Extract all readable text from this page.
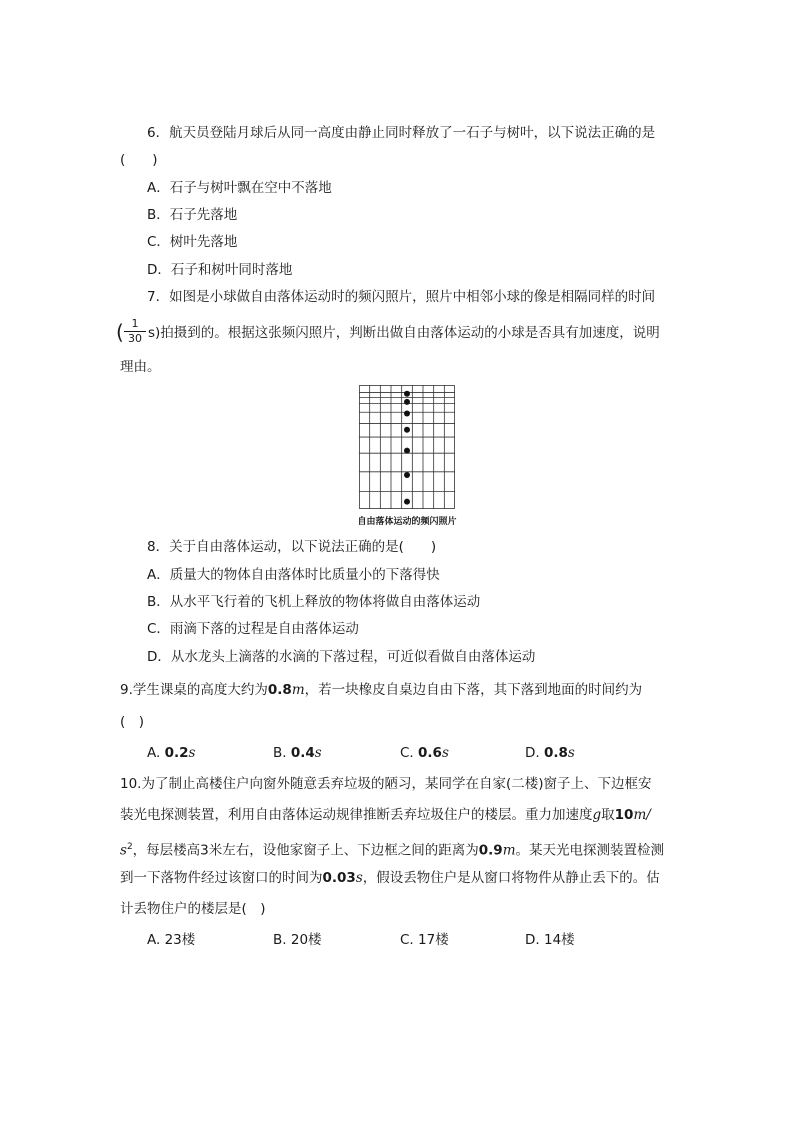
6．航天员登陆月球后从同一高度由静止同时释放了一石子与树叶，以下说法正确的是
(　　)
A．石子与树叶飘在空中不落地
B．石子先落地
C．树叶先落地
D．石子和树叶同时落地
7．如图是小球做自由落体运动时的频闪照片，照片中相邻小球的像是相隔同样的时间
( $\frac{1}{30} s$)拍摄到的。根据这张频闪照片，判断出做自由落体运动的小球是否具有加速度，说明
理由。
自由落体运动的频闪照片
8．关于自由落体运动，以下说法正确的是(　　)
A．质量大的物体自由落体时比质量小的下落得快
B．从水平飞行着的飞机上释放的物体将做自由落体运动
C．雨滴下落的过程是自由落体运动
D．从水龙头上滴落的水滴的下落过程，可近似看做自由落体运动
9.学生课桌的高度大约为0.8m，若一块橡皮自桌边自由下落，其下落到地面的时间约为
(　)
A. 0.2s	B. 0.4s	C. 0.6s	D. 0.8s
10.为了制止高楼住户向窗外随意丢弃垃圾的陋习，某同学在自家(二楼)窗子上、下边框安
装光电探测装置，利用自由落体运动规律推断丢弃垃圾住户的楼层。重力加速度g取10m/
$s^2$，每层楼高3米左右，设他家窗子上、下边框之间的距离为0.9m。某天光电探测装置检测
到一下落物件经过该窗口的时间为0.03s，假设丢物住户是从窗口将物件从静止丢下的。估
计丢物住户的楼层是(　)
A. 23楼	B. 20楼	C. 17楼	D. 14楼
